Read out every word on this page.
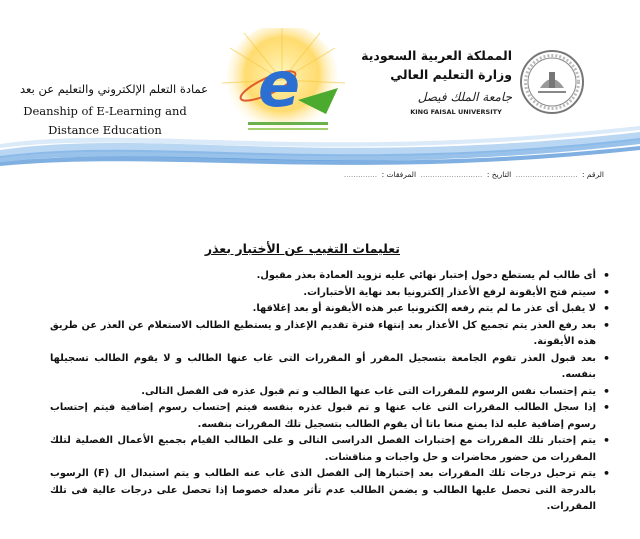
عمادة التعلم الإلكتروني والتعليم عن بعد
Deanship of E-Learning and
Distance Education
e	المملكة العربية السعودية
وزارة التعليم العالي
جامعة الملك فيصل
KING FAISAL UNIVERSITY
الرقم : .......................... التاريخ : .......................... المرفقات : ..............
تعليمات التغيب عن الأختبار بعذر
• أى طالب لم يستطع دخول إختبار نهائي عليه تزويد العمادة بعذر مقبول.
• سيتم فتح الأيقونة لرفع الأعذار إلكترونيا بعد نهاية الأختبارات.
• لا يقبل أى عذر ما لم يتم رفعه إلكترونيا عبر هذه الأيقونة أو بعد إغلاقها.
• بعد رفع العذر يتم تجميع كل الأعذار بعد إنتهاء فترة تقديم الإعذار و يستطيع الطالب الاستعلام عن العذر عن طريق هذه الأيقونة.
• بعد قبول العذر تقوم الجامعة بتسجيل المقرر أو المقررات التى غاب عنها الطالب و لا يقوم الطالب تسجيلها بنفسه.
• يتم إحتساب نفس الرسوم للمقررات التى غاب عنها الطالب و تم قبول عذره فى الفصل التالى.
• إذا سجل الطالب المقررات التى غاب عنها و تم قبول عذره بنفسه فيتم إحتساب رسوم إضافية فيتم إحتساب رسوم إضافية عليه لذا يمنع منعا باتا أن يقوم الطالب بتسجيل تلك المقررات بنفسه.
• يتم إختبار تلك المقررات مع إختبارات الفصل الدراسى التالى و على الطالب القيام بجميع الأعمال الفصلية لتلك المقررات من حضور محاضرات و حل واجبات و مناقشات.
• يتم ترحيل درجات تلك المقررات بعد إختبارها إلى الفصل الذى غاب عنه الطالب و يتم استبدال ال (F) الرسوب بالدرجة التى تحصل عليها الطالب و يضمن الطالب عدم تأثر معدله خصوصا إذا تحصل على درجات عالية فى تلك المقررات.
